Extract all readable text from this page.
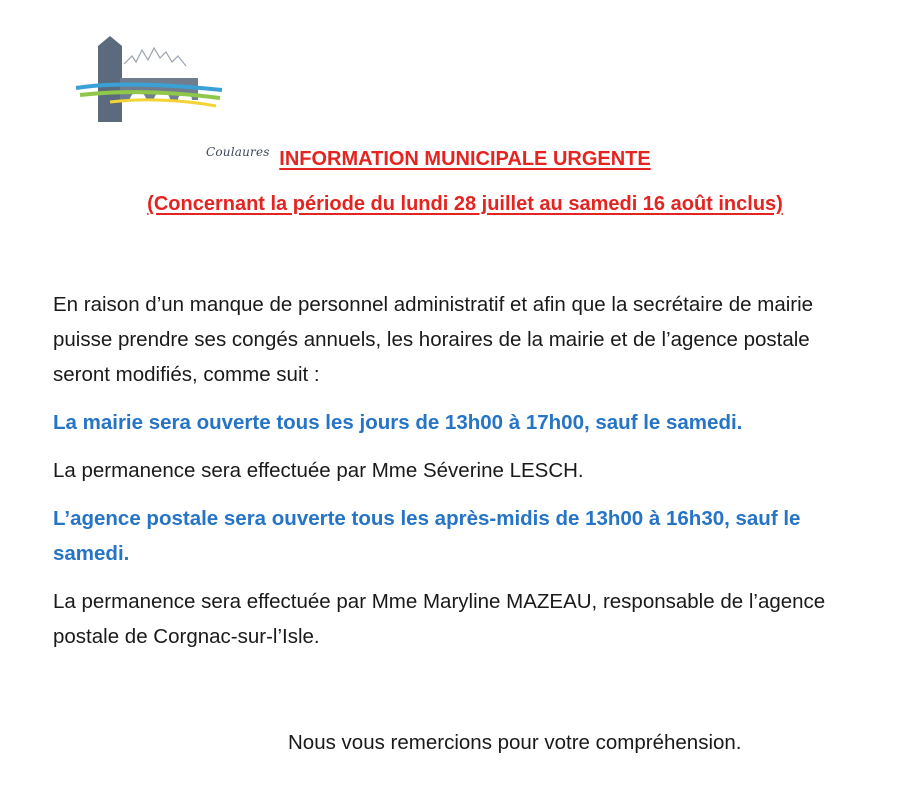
Coulaures INFORMATION MUNICIPALE URGENTE
(Concernant la période du lundi 28 juillet au samedi 16 août inclus)

En raison d’un manque de personnel administratif et afin que la secrétaire de mairie puisse prendre ses congés annuels, les horaires de la mairie et de l’agence postale seront modifiés, comme suit :

La mairie sera ouverte tous les jours de 13h00 à 17h00, sauf le samedi.

La permanence sera effectuée par Mme Séverine LESCH.

L’agence postale sera ouverte tous les après-midis de 13h00 à 16h30, sauf le samedi.

La permanence sera effectuée par Mme Maryline MAZEAU, responsable de l’agence postale de Corgnac-sur-l’Isle.

Nous vous remercions pour votre compréhension.
